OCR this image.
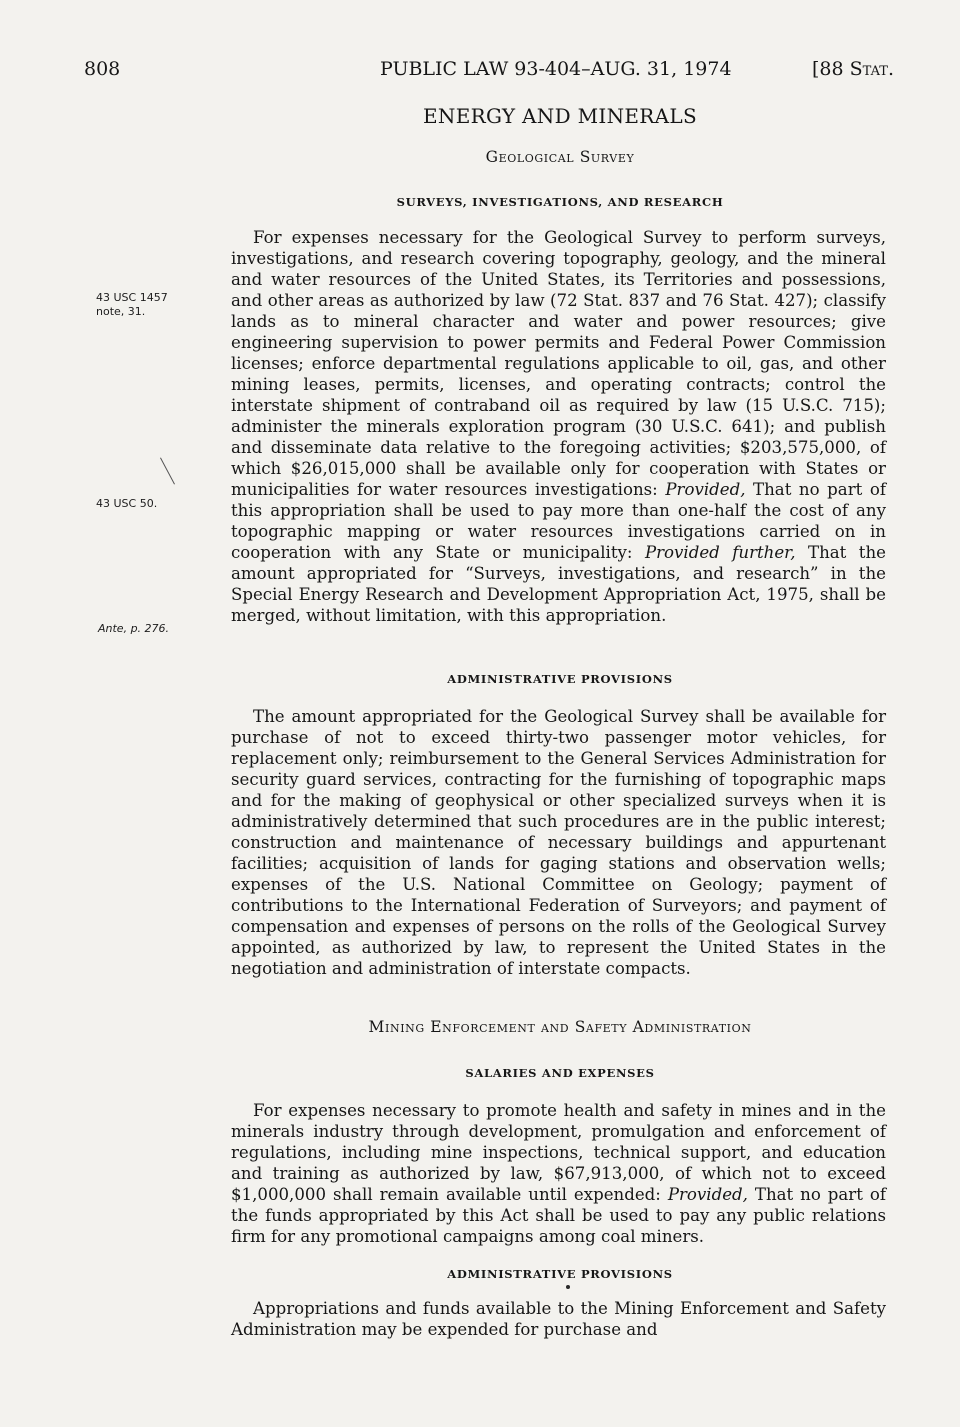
808	PUBLIC LAW 93-404–AUG. 31, 1974	[88 Stat.
ENERGY AND MINERALS
Geological Survey
SURVEYS, INVESTIGATIONS, AND RESEARCH
43 USC 1457
note, 31.
43 USC 50.
Ante, p. 276.

For expenses necessary for the Geological Survey to perform surveys, investigations, and research covering topography, geology, and the mineral and water resources of the United States, its Territories and possessions, and other areas as authorized by law (72 Stat. 837 and 76 Stat. 427); classify lands as to mineral character and water and power resources; give engineering supervision to power permits and Federal Power Commission licenses; enforce departmental regulations applicable to oil, gas, and other mining leases, permits, licenses, and operating contracts; control the interstate shipment of contraband oil as required by law (15 U.S.C. 715); administer the minerals exploration program (30 U.S.C. 641); and publish and disseminate data relative to the foregoing activities; $203,575,000, of which $26,015,000 shall be available only for cooperation with States or municipalities for water resources investigations: Provided, That no part of this appropriation shall be used to pay more than one-half the cost of any topographic mapping or water resources investigations carried on in cooperation with any State or municipality: Provided further, That the amount appropriated for “Surveys, investigations, and research” in the Special Energy Research and Development Appropriation Act, 1975, shall be merged, without limitation, with this appropriation.

ADMINISTRATIVE PROVISIONS

The amount appropriated for the Geological Survey shall be available for purchase of not to exceed thirty-two passenger motor vehicles, for replacement only; reimbursement to the General Services Administration for security guard services, contracting for the furnishing of topographic maps and for the making of geophysical or other specialized surveys when it is administratively determined that such procedures are in the public interest; construction and maintenance of necessary buildings and appurtenant facilities; acquisition of lands for gaging stations and observation wells; expenses of the U.S. National Committee on Geology; payment of contributions to the International Federation of Surveyors; and payment of compensation and expenses of persons on the rolls of the Geological Survey appointed, as authorized by law, to represent the United States in the negotiation and administration of interstate compacts.

Mining Enforcement and Safety Administration
SALARIES AND EXPENSES

For expenses necessary to promote health and safety in mines and in the minerals industry through development, promulgation and enforcement of regulations, including mine inspections, technical support, and education and training as authorized by law, $67,913,000, of which not to exceed $1,000,000 shall remain available until expended: Provided, That no part of the funds appropriated by this Act shall be used to pay any public relations firm for any promotional campaigns among coal miners.

ADMINISTRATIVE PROVISIONS

Appropriations and funds available to the Mining Enforcement and Safety Administration may be expended for purchase and
